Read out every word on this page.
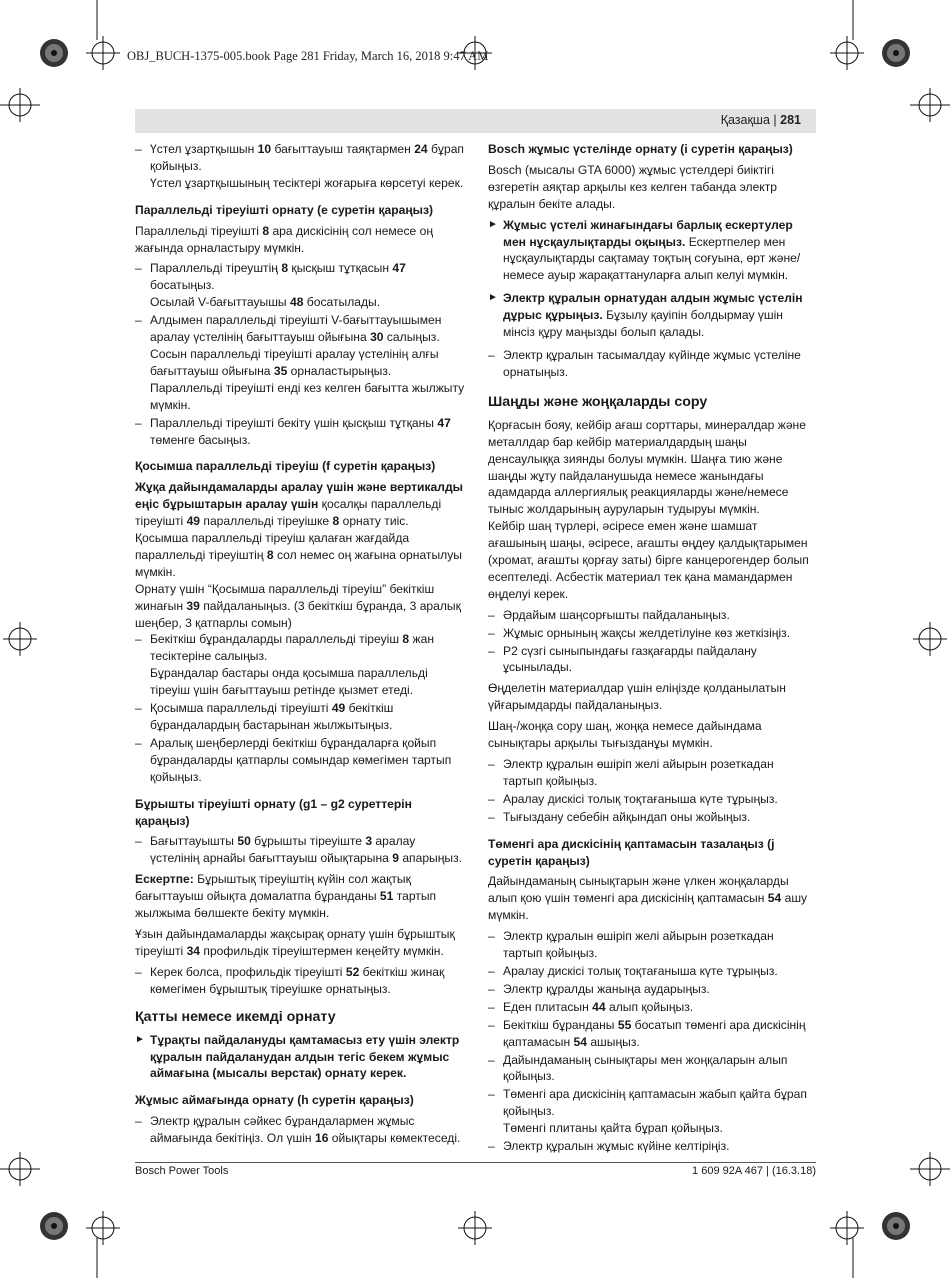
OBJ_BUCH-1375-005.book Page 281 Friday, March 16, 2018 9:47 AM
Қазақша | 281
– Үстел ұзартқышын 10 бағыттауыш таяқтармен 24 бұрап қойыңыз.
Үстел ұзартқышының тесіктері жоғарыға көрсетуі керек.
Параллельді тіреуішті орнату (e суретін қараңыз)

Параллельді тіреуішті 8 ара дискісінің сол немесе оң жағында орналастыру мүмкін.

– Параллельді тіреуштің 8 қысқыш тұтқасын 47 босатыңыз.
Осылай V-бағыттауышы 48 босатылады.
– Алдымен параллельді тіреуішті V-бағыттауышымен аралау үстелінің бағыттауыш ойығына 30 салыңыз.
Сосын параллельді тіреуішті аралау үстелінің алғы бағыттауыш ойығына 35 орналастырыңыз.
Параллельді тіреуішті енді кез келген бағытта жылжыту мүмкін.
– Параллельді тіреуішті бекіту үшін қысқыш тұтқаны 47 төменге басыңыз.
Қосымша параллельді тіреуіш (f суретін қараңыз)

Жұқа дайындамаларды аралау үшін және вертикалды еңіс бұрыштарын аралау үшін қосалқы параллельді тіреуішті 49 параллельді тіреуішке 8 орнату тиіс.

Қосымша параллельді тіреуіш қалаған жағдайда параллельді тіреуіштің 8 сол немес оң жағына орнатылуы мүмкін.

Орнату үшін “Қосымша параллельді тіреуіш” бекіткіш жинағын 39 пайдаланыңыз. (3 бекіткіш бұранда, 3 аралық шеңбер, 3 қатпарлы сомын)

– Бекіткіш бұрандаларды параллельді тіреуіш 8 жан тесіктеріне салыңыз.
Бұрандалар бастары онда қосымша параллельді тіреуіш үшін бағыттауыш ретінде қызмет етеді.
– Қосымша параллельді тіреуішті 49 бекіткіш бұрандалардың бастарынан жылжытыңыз.
– Аралық шеңберлерді бекіткіш бұрандаларға қойып бұрандаларды қатпарлы сомындар көмегімен тартып қойыңыз.
Бұрышты тіреуішті орнату (g1 – g2 суреттерін қараңыз)
– Бағыттауышты 50 бұрышты тіреуіште 3 аралау үстелінің арнайы бағыттауыш ойықтарына 9 апарыңыз.

Ескертпе: Бұрыштық тіреуіштің күйін сол жақтық бағыттауыш ойықта домалатпа бұранданы 51 тартып жылжыма бөлшекте бекіту мүмкін.

Ұзын дайындамаларды жақсырақ орнату үшін бұрыштық тіреуішті 34 профильдік тіреуіштермен кеңейту мүмкін.

– Керек болса, профильдік тіреуішті 52 бекіткіш жинақ көмегімен бұрыштық тіреуішке орнатыңыз.
Қатты немесе икемді орнату
► Тұрақты пайдалануды қамтамасыз ету үшін электр құралын пайдаланудан алдын тегіс бекем жұмыс аймағына (мысалы верстак) орнату керек.
Жұмыс аймағында орнату (h суретін қараңыз)
– Электр құралын сәйкес бұрандалармен жұмыс аймағында бекітіңіз. Ол үшін 16 ойықтары көмектеседі.
Bosch жұмыс үстелінде орнату (i суретін қараңыз)

Bosch (мысалы GTA 6000) жұмыс үстелдері биіктігі өзгеретін аяқтар арқылы кез келген табанда электр құралын бекіте алады.

► Жұмыс үстелі жинағындағы барлық ескертулер мен нұсқаулықтарды оқыңыз. Ескертпелер мен нұсқаулықтарды сақтамау тоқтың соғуына, өрт және/немесе ауыр жарақаттануларға алып келуі мүмкін.
► Электр құралын орнатудан алдын жұмыс үстелін дұрыс құрыңыз. Бұзылу қауіпін болдырмау үшін мінсіз құру маңызды болып қалады.
– Электр құралын тасымалдау күйінде жұмыс үстеліне орнатыңыз.
Шаңды және жоңқаларды сору

Қорғасын бояу, кейбір ағаш сорттары, минералдар және металлдар бар кейбір материалдардың шаңы денсаулыққа зиянды болуы мүмкін. Шаңға тию және шаңды жұту пайдаланушыда немесе жанындағы адамдарда аллергиялық реакцияларды және/немесе тыныс жолдарының ауруларын тудыруы мүмкін.

Кейбір шаң түрлері, әсіресе емен және шамшат ағашының шаңы, әсіресе, ағашты өңдеу қалдықтарымен (хромат, ағашты қорғау заты) бірге канцерогендер болып есептеледі. Асбестік материал тек қана мамандармен өңделуі керек.

– Әрдайым шаңсорғышты пайдаланыңыз.
– Жұмыс орнының жақсы желдетілуіне көз жеткізіңіз.
– P2 сүзгі сыныпындағы газқағарды пайдалану ұсынылады.

Өңделетін материалдар үшін еліңізде қолданылатын үйғарымдарды пайдаланыңыз.

Шаң-/жоңқа сору шаң, жоңқа немесе дайындама сынықтары арқылы тығызданұы мүмкін.

– Электр құралын өшіріп желі айырын розеткадан тартып қойыңыз.
– Аралау дискісі толық тоқтағаныша күте тұрыңыз.
– Тығыздану себебін айқындап оны жойыңыз.
Төменгі ара дискісінің қаптамасын тазалаңыз (j суретін қараңыз)

Дайындаманың сынықтарын және үлкен жоңқаларды алып қою үшін төменгі ара дискісінің қаптамасын 54 ашу мүмкін.

– Электр құралын өшіріп желі айырын розеткадан тартып қойыңыз.
– Аралау дискісі толық тоқтағаныша күте тұрыңыз.
– Электр құралды жаныңа аударыңыз.
– Еден плитасын 44 алып қойыңыз.
– Бекіткіш бұранданы 55 босатып төменгі ара дискісінің қаптамасын 54 ашыңыз.
– Дайындаманың сынықтары мен жоңқаларын алып қойыңыз.
– Төменгі ара дискісінің қаптамасын жабып қайта бұрап қойыңыз.
Төменгі плитаны қайта бұрап қойыңыз.
– Электр құралын жұмыс күйіне келтіріңіз.
Bosch Power Tools	1 609 92A 467 | (16.3.18)
